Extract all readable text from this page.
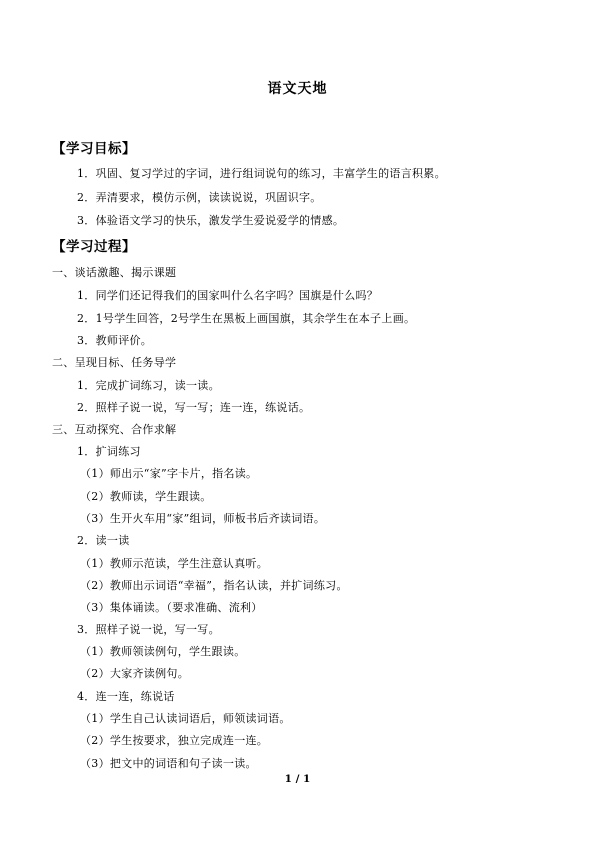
语文天地
【学习目标】
1．巩固、复习学过的字词，进行组词说句的练习，丰富学生的语言积累。
2．弄清要求，模仿示例，读读说说，巩固识字。
3．体验语文学习的快乐，激发学生爱说爱学的情感。
【学习过程】
一、谈话激趣、揭示课题
1．同学们还记得我们的国家叫什么名字吗？国旗是什么吗？
2．1号学生回答，2号学生在黑板上画国旗，其余学生在本子上画。
3．教师评价。
二、呈现目标、任务导学
1．完成扩词练习，读一读。
2．照样子说一说，写一写；连一连，练说话。
三、互动探究、合作求解
1．扩词练习
（1）师出示“家”字卡片，指名读。
（2）教师读，学生跟读。
（3）生开火车用“家”组词，师板书后齐读词语。
2．读一读
（1）教师示范读，学生注意认真听。
（2）教师出示词语“幸福”，指名认读，并扩词练习。
（3）集体诵读。（要求准确、流利）
3．照样子说一说，写一写。
（1）教师领读例句，学生跟读。
（2）大家齐读例句。
4．连一连，练说话
（1）学生自己认读词语后，师领读词语。
（2）学生按要求，独立完成连一连。
（3）把文中的词语和句子读一读。
1 / 1
